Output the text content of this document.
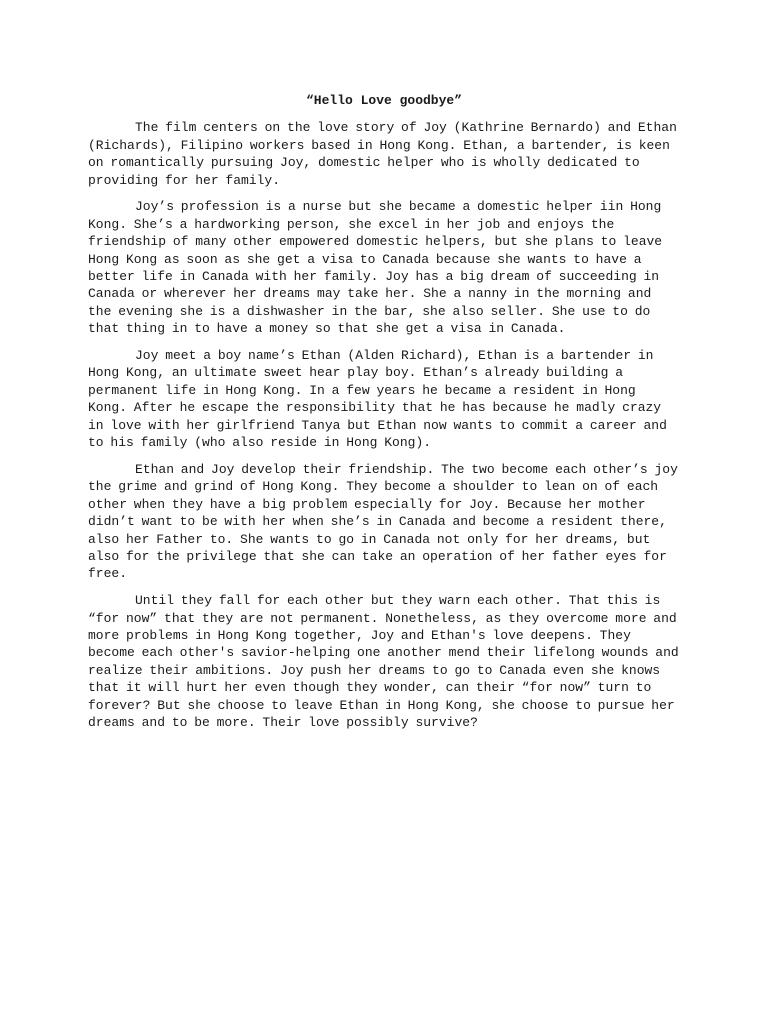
“Hello Love goodbye”

The film centers on the love story of Joy (Kathrine Bernardo) and Ethan (Richards), Filipino workers based in Hong Kong. Ethan, a bartender, is keen on romantically pursuing Joy, domestic helper who is wholly dedicated to providing for her family.

Joy’s profession is a nurse but she became a domestic helper iin Hong Kong. She’s a hardworking person, she excel in her job and enjoys the friendship of many other empowered domestic helpers, but she plans to leave Hong Kong as soon as she get a visa to Canada because she wants to have a better life in Canada with her family. Joy has a big dream of succeeding in Canada or wherever her dreams may take her. She a nanny in the morning and the evening she is a dishwasher in the bar, she also seller. She use to do that thing in to have a money so that she get a visa in Canada.

Joy meet a boy name’s Ethan (Alden Richard), Ethan is a bartender in Hong Kong, an ultimate sweet hear play boy. Ethan’s already building a permanent life in Hong Kong. In a few years he became a resident in Hong Kong. After he escape the responsibility that he has because he madly crazy in love with her girlfriend Tanya but Ethan now wants to commit a career and to his family (who also reside in Hong Kong).

Ethan and Joy develop their friendship. The two become each other’s joy the grime and grind of Hong Kong. They become a shoulder to lean on of each other when they have a big problem especially for Joy. Because her mother didn’t want to be with her when she’s in Canada and become a resident there, also her Father to. She wants to go in Canada not only for her dreams, but also for the privilege that she can take an operation of her father eyes for free.

Until they fall for each other but they warn each other. That this is “for now” that they are not permanent. Nonetheless, as they overcome more and more problems in Hong Kong together, Joy and Ethan's love deepens. They become each other's savior-helping one another mend their lifelong wounds and realize their ambitions. Joy push her dreams to go to Canada even she knows that it will hurt her even though they wonder, can their “for now” turn to forever? But she choose to leave Ethan in Hong Kong, she choose to pursue her dreams and to be more. Their love possibly survive?
